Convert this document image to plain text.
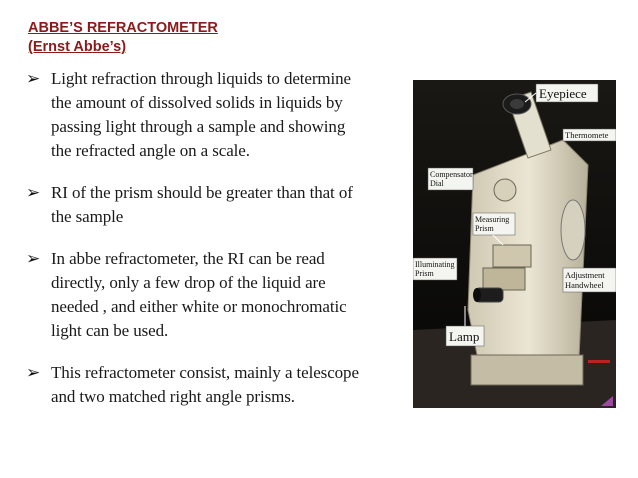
ABBE’S REFRACTOMETER
(Ernst Abbe’s)
➢ Light refraction through liquids to determine
the amount of dissolved solids in liquids by
passing light through a sample and showing
the refracted angle on a scale.
➢ RI of the prism should be greater than that of
the sample
➢ In abbe refractometer, the RI can be read
directly, only a few drop of the liquid are
needed , and either white or monochromatic
light can be used.
➢ This refractometer consist, mainly a telescope
and two matched right angle prisms.
Eyepiece
Thermomete
Compensator
Dial
Measuring
Prism
Illuminating
Prism	Adjustment
Handwheel
Lamp
